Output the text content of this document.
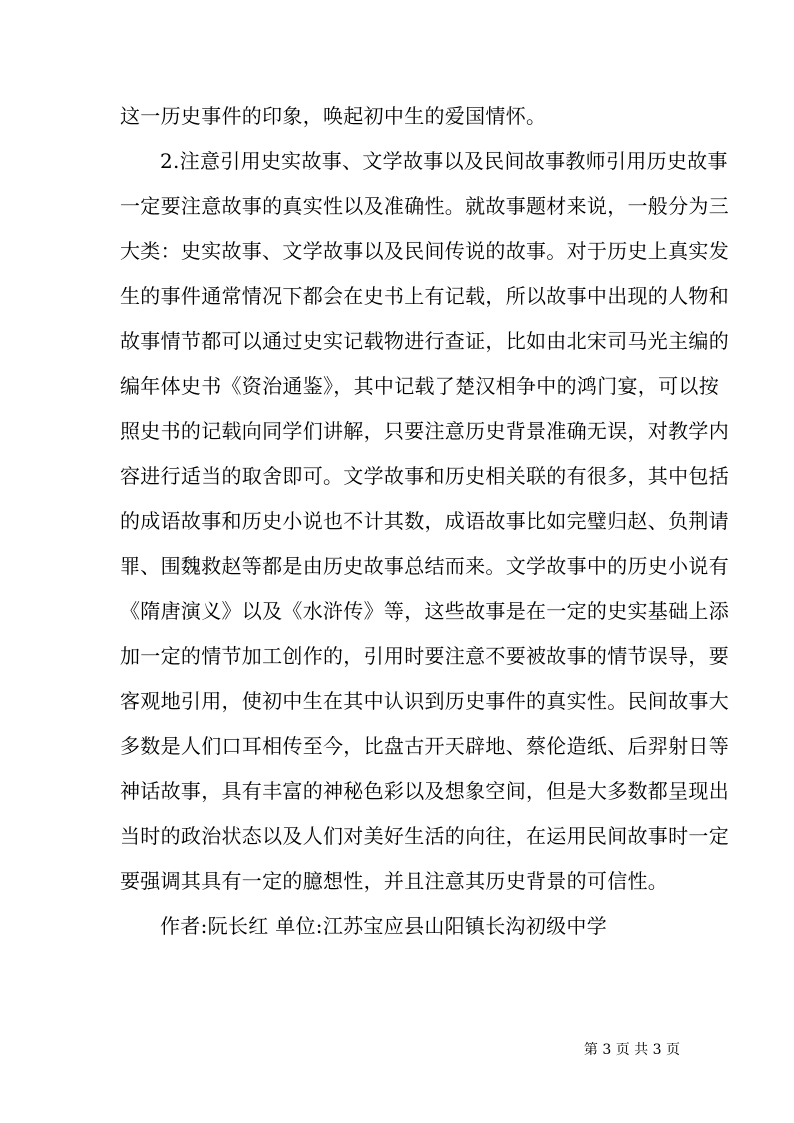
这一历史事件的印象，唤起初中生的爱国情怀。
2.注意引用史实故事、文学故事以及民间故事教师引用历史故事
一定要注意故事的真实性以及准确性。就故事题材来说，一般分为三
大类：史实故事、文学故事以及民间传说的故事。对于历史上真实发
生的事件通常情况下都会在史书上有记载，所以故事中出现的人物和
故事情节都可以通过史实记载物进行查证，比如由北宋司马光主编的
编年体史书《资治通鉴》，其中记载了楚汉相争中的鸿门宴，可以按
照史书的记载向同学们讲解，只要注意历史背景准确无误，对教学内
容进行适当的取舍即可。文学故事和历史相关联的有很多，其中包括
的成语故事和历史小说也不计其数，成语故事比如完璧归赵、负荆请
罪、围魏救赵等都是由历史故事总结而来。文学故事中的历史小说有
《隋唐演义》以及《水浒传》等，这些故事是在一定的史实基础上添
加一定的情节加工创作的，引用时要注意不要被故事的情节误导，要
客观地引用，使初中生在其中认识到历史事件的真实性。民间故事大
多数是人们口耳相传至今，比盘古开天辟地、蔡伦造纸、后羿射日等
神话故事，具有丰富的神秘色彩以及想象空间，但是大多数都呈现出
当时的政治状态以及人们对美好生活的向往，在运用民间故事时一定
要强调其具有一定的臆想性，并且注意其历史背景的可信性。
作者:阮长红 单位:江苏宝应县山阳镇长沟初级中学
第 3 页 共 3 页
